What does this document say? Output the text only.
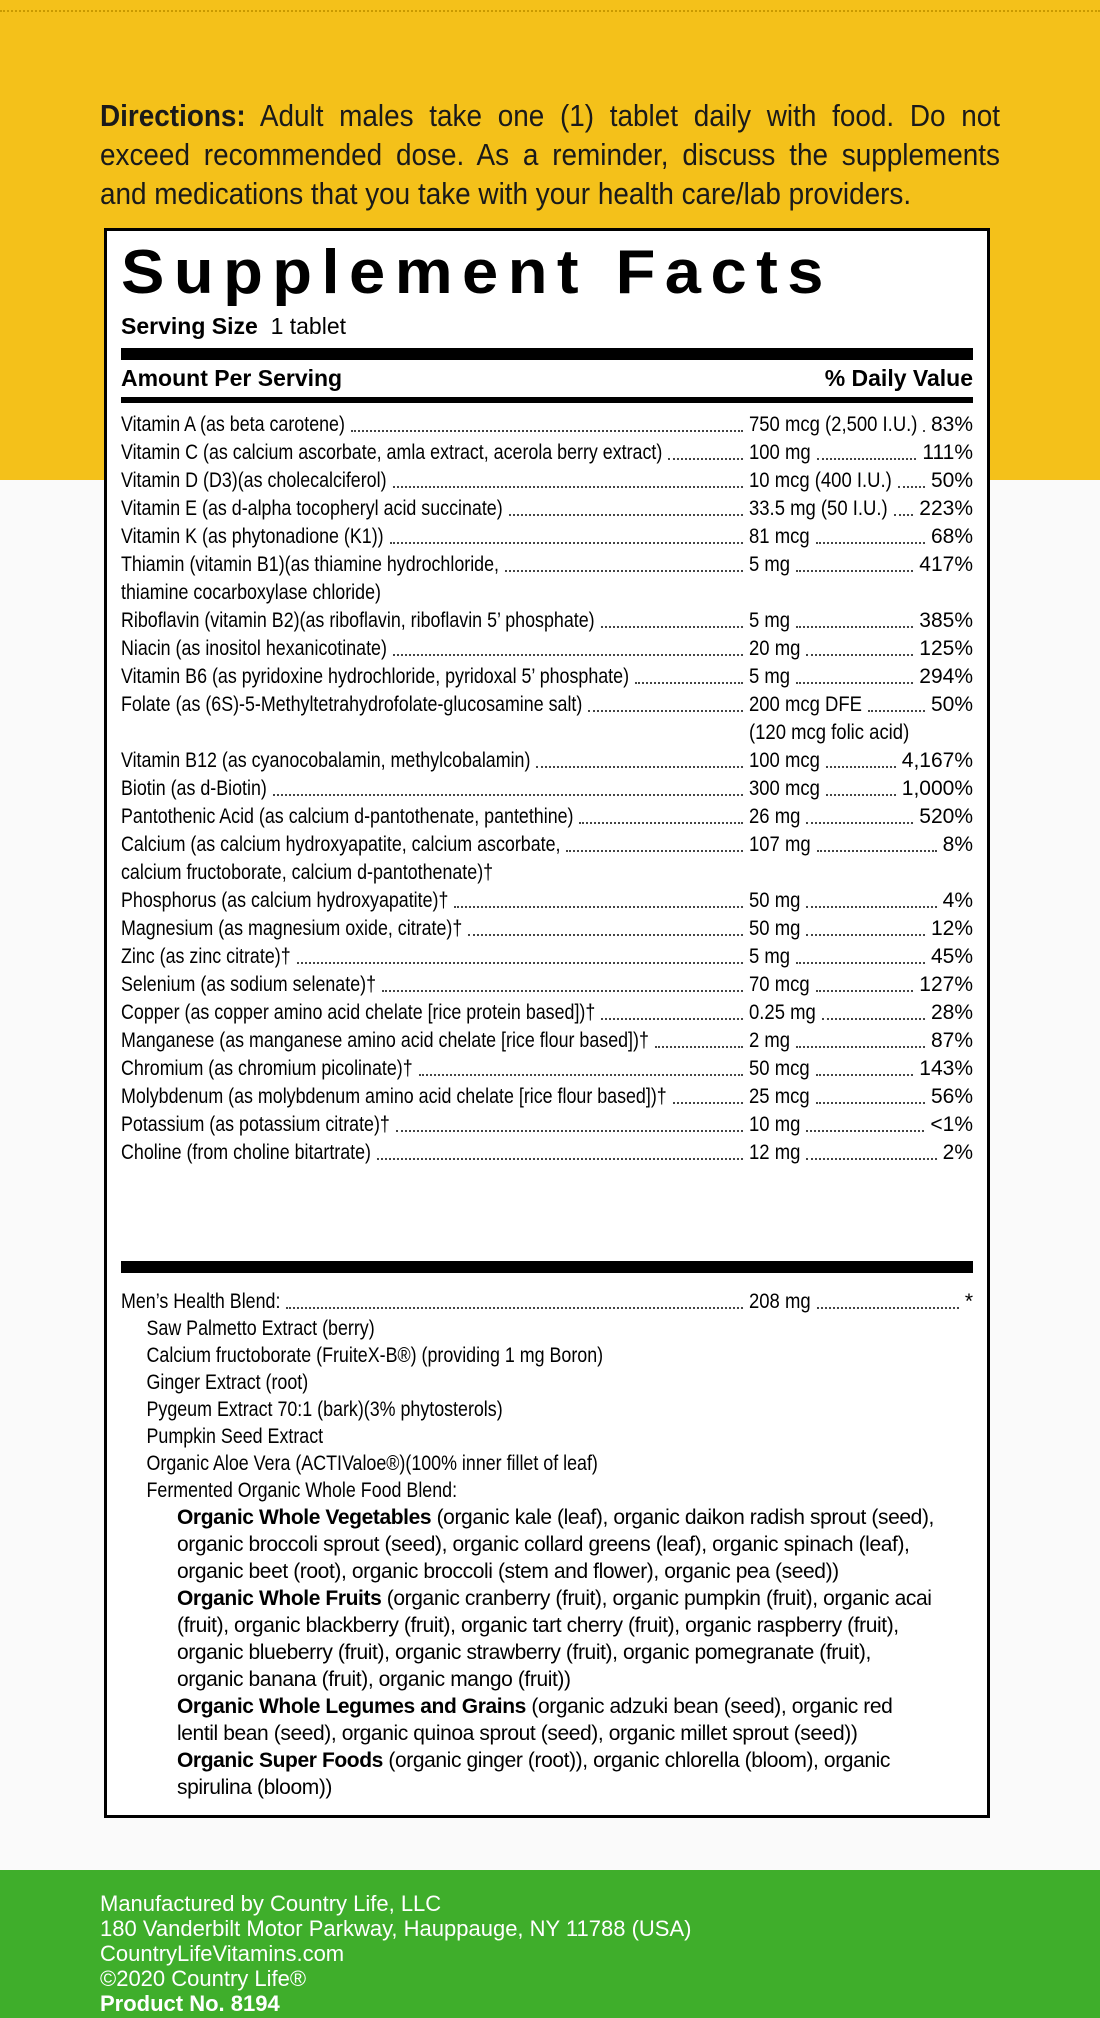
Directions: Adult males take one (1) tablet daily with food. Do not exceed recommended dose. As a reminder, discuss the supplements and medications that you take with your health care/lab providers.
Supplement Facts
Serving Size 1 tablet
Amount Per Serving	% Daily Value
Vitamin A (as beta carotene)	750 mcg (2,500 I.U.) 83%
Vitamin C (as calcium ascorbate, amla extract, acerola berry extract)	100 mg	111%
Vitamin D (D3)(as cholecalciferol)	10 mcg (400 I.U.) 50%
Vitamin E (as d-alpha tocopheryl acid succinate)	33.5 mg (50 I.U.) 223%
Vitamin K (as phytonadione (K1))	81 mcg	68%
Thiamin (vitamin B1)(as thiamine hydrochloride,	5 mg	417%
thiamine cocarboxylase chloride)
Riboflavin (vitamin B2)(as riboflavin, riboflavin 5’ phosphate)	5 mg	385%
Niacin (as inositol hexanicotinate)	20 mg	125%
Vitamin B6 (as pyridoxine hydrochloride, pyridoxal 5’ phosphate)	5 mg	294%
Folate (as (6S)-5-Methyltetrahydrofolate-glucosamine salt)	200 mcg DFE	50%
(120 mcg folic acid)
Vitamin B12 (as cyanocobalamin, methylcobalamin)	100 mcg	4,167%
Biotin (as d-Biotin)	300 mcg	1,000%
Pantothenic Acid (as calcium d-pantothenate, pantethine)	26 mg	520%
Calcium (as calcium hydroxyapatite, calcium ascorbate,	107 mg	8%
calcium fructoborate, calcium d-pantothenate)†
Phosphorus (as calcium hydroxyapatite)†	50 mg	4%
Magnesium (as magnesium oxide, citrate)†	50 mg	12%
Zinc (as zinc citrate)†	5 mg	45%
Selenium (as sodium selenate)†	70 mcg	127%
Copper (as copper amino acid chelate [rice protein based])†	0.25 mg	28%
Manganese (as manganese amino acid chelate [rice flour based])†	2 mg	87%
Chromium (as chromium picolinate)†	50 mcg	143%
Molybdenum (as molybdenum amino acid chelate [rice flour based])†	25 mcg	56%
Potassium (as potassium citrate)†	10 mg	<1%
Choline (from choline bitartrate)	12 mg	2%
Men’s Health Blend:	208 mg	*
Saw Palmetto Extract (berry)
Calcium fructoborate (FruiteX-B®) (providing 1 mg Boron)
Ginger Extract (root)
Pygeum Extract 70:1 (bark)(3% phytosterols)
Pumpkin Seed Extract
Organic Aloe Vera (ACTIValoe®)(100% inner fillet of leaf)
Fermented Organic Whole Food Blend:
Organic Whole Vegetables (organic kale (leaf), organic daikon radish sprout (seed), organic broccoli sprout (seed), organic collard greens (leaf), organic spinach (leaf), organic beet (root), organic broccoli (stem and flower), organic pea (seed))
Organic Whole Fruits (organic cranberry (fruit), organic pumpkin (fruit), organic acai (fruit), organic blackberry (fruit), organic tart cherry (fruit), organic raspberry (fruit), organic blueberry (fruit), organic strawberry (fruit), organic pomegranate (fruit), organic banana (fruit), organic mango (fruit))
Organic Whole Legumes and Grains (organic adzuki bean (seed), organic red lentil bean (seed), organic quinoa sprout (seed), organic millet sprout (seed))
Organic Super Foods (organic ginger (root)), organic chlorella (bloom), organic spirulina (bloom))
Manufactured by Country Life, LLC
180 Vanderbilt Motor Parkway, Hauppauge, NY 11788 (USA)
CountryLifeVitamins.com
©2020 Country Life®
Product No. 8194
